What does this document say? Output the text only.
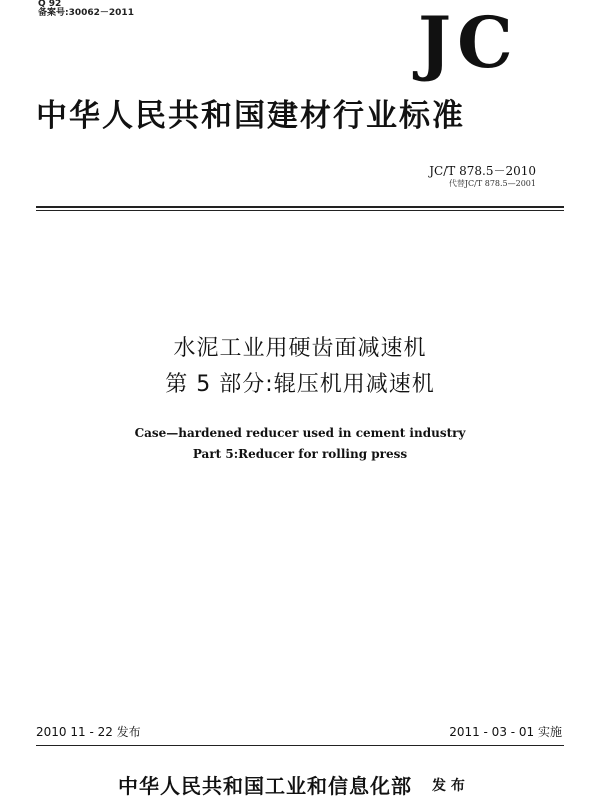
Q 92
备案号:30062－2011	JC
中华人民共和国建材行业标准
JC/T 878.5－2010
代替JC/T 878.5—2001
水泥工业用硬齿面减速机
第 5 部分:辊压机用减速机
Case—hardened reducer used in cement industry
Part 5:Reducer for rolling press
2010 11 - 22 发布	2011 - 03 - 01 实施
中华人民共和国工业和信息化部 发 布
